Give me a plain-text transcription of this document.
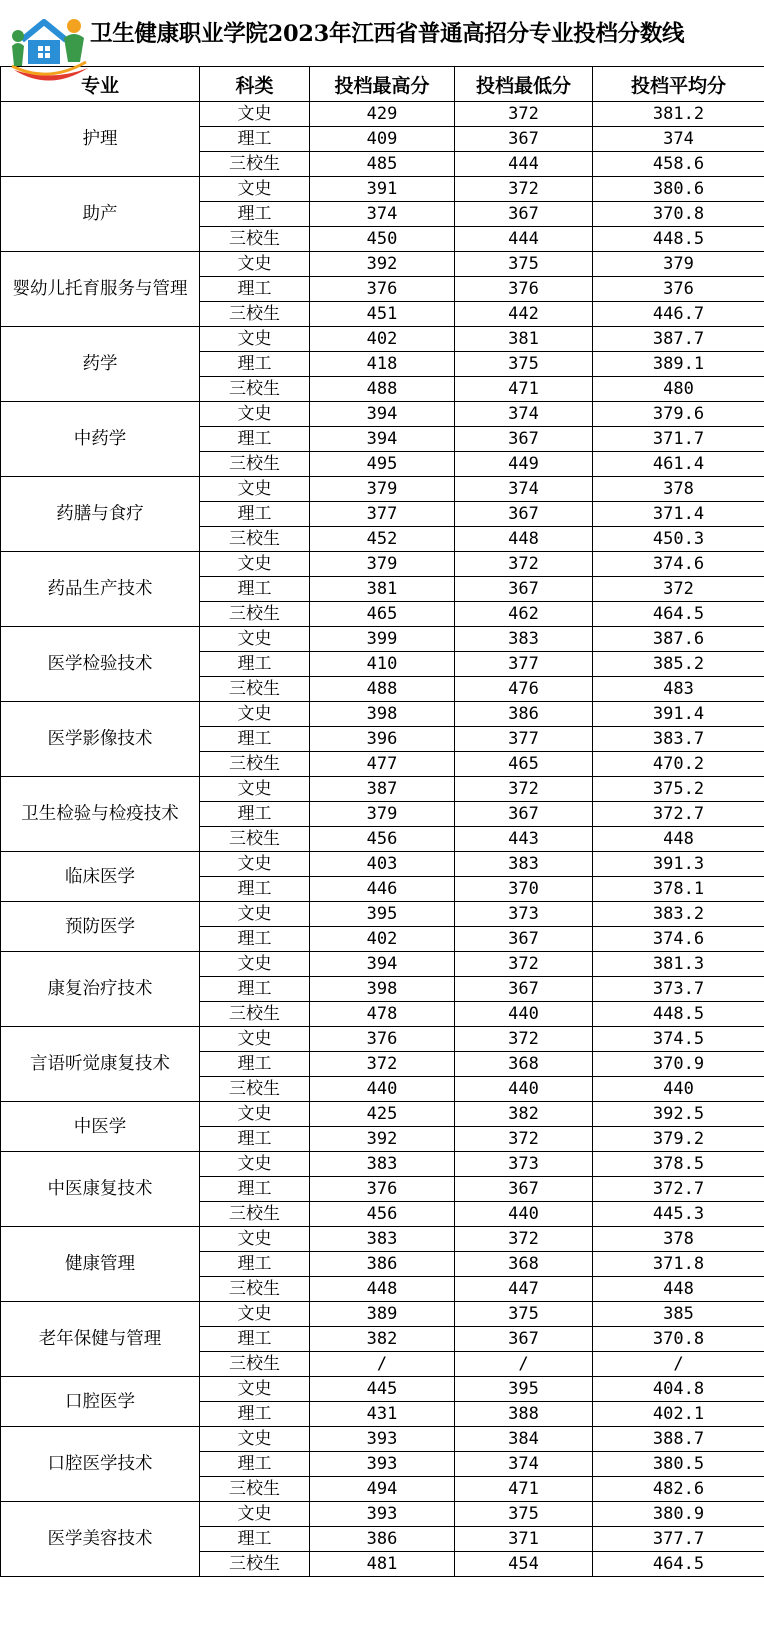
卫生健康职业学院2023年江西省普通高招分专业投档分数线
专业	科类	投档最高分	投档最低分	投档平均分
护理	文史	429	372	381.2
	理工	409	367	374
	三校生	485	444	458.6
助产	文史	391	372	380.6
	理工	374	367	370.8
	三校生	450	444	448.5
婴幼儿托育服务与管理	文史	392	375	379
	理工	376	376	376
	三校生	451	442	446.7
药学	文史	402	381	387.7
	理工	418	375	389.1
	三校生	488	471	480
中药学	文史	394	374	379.6
	理工	394	367	371.7
	三校生	495	449	461.4
药膳与食疗	文史	379	374	378
	理工	377	367	371.4
	三校生	452	448	450.3
药品生产技术	文史	379	372	374.6
	理工	381	367	372
	三校生	465	462	464.5
医学检验技术	文史	399	383	387.6
	理工	410	377	385.2
	三校生	488	476	483
医学影像技术	文史	398	386	391.4
	理工	396	377	383.7
	三校生	477	465	470.2
卫生检验与检疫技术	文史	387	372	375.2
	理工	379	367	372.7
	三校生	456	443	448
临床医学	文史	403	383	391.3
	理工	446	370	378.1
预防医学	文史	395	373	383.2
	理工	402	367	374.6
康复治疗技术	文史	394	372	381.3
	理工	398	367	373.7
	三校生	478	440	448.5
言语听觉康复技术	文史	376	372	374.5
	理工	372	368	370.9
	三校生	440	440	440
中医学	文史	425	382	392.5
	理工	392	372	379.2
中医康复技术	文史	383	373	378.5
	理工	376	367	372.7
	三校生	456	440	445.3
健康管理	文史	383	372	378
	理工	386	368	371.8
	三校生	448	447	448
老年保健与管理	文史	389	375	385
	理工	382	367	370.8
	三校生	/	/	/
口腔医学	文史	445	395	404.8
	理工	431	388	402.1
口腔医学技术	文史	393	384	388.7
	理工	393	374	380.5
	三校生	494	471	482.6
医学美容技术	文史	393	375	380.9
	理工	386	371	377.7
	三校生	481	454	464.5
